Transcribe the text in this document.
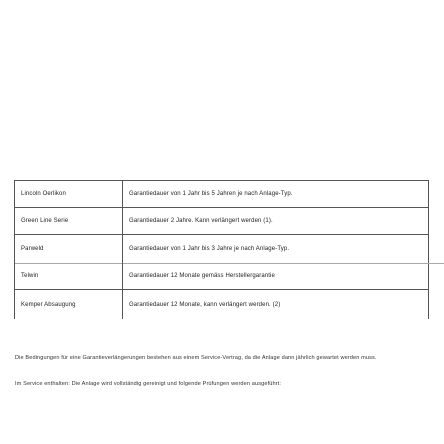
Lincoln Oerlikon	Garantiedauer von 1 Jahr bis 5 Jahren je nach Anlage-Typ.
Green Line Serie	Garantiedauer 2 Jahre. Kann verlängert werden (1).
Parweld	Garantiedauer von 1 Jahr bis 3 Jahre je nach Anlage-Typ.
Telwin	Garantiedauer 12 Monate gemäss Herstellergarantie
Kemper Absaugung	Garantiedauer 12 Monate, kann verlängert werden. (2)

Die Bedingungen für eine Garantieverlängerungen bestehen aus einem Service-Vertrag, da die Anlage dann jährlich gewartet werden muss.

Im Service enthalten: Die Anlage wird vollständig gereinigt und folgende Prüfungen werden ausgeführt:
